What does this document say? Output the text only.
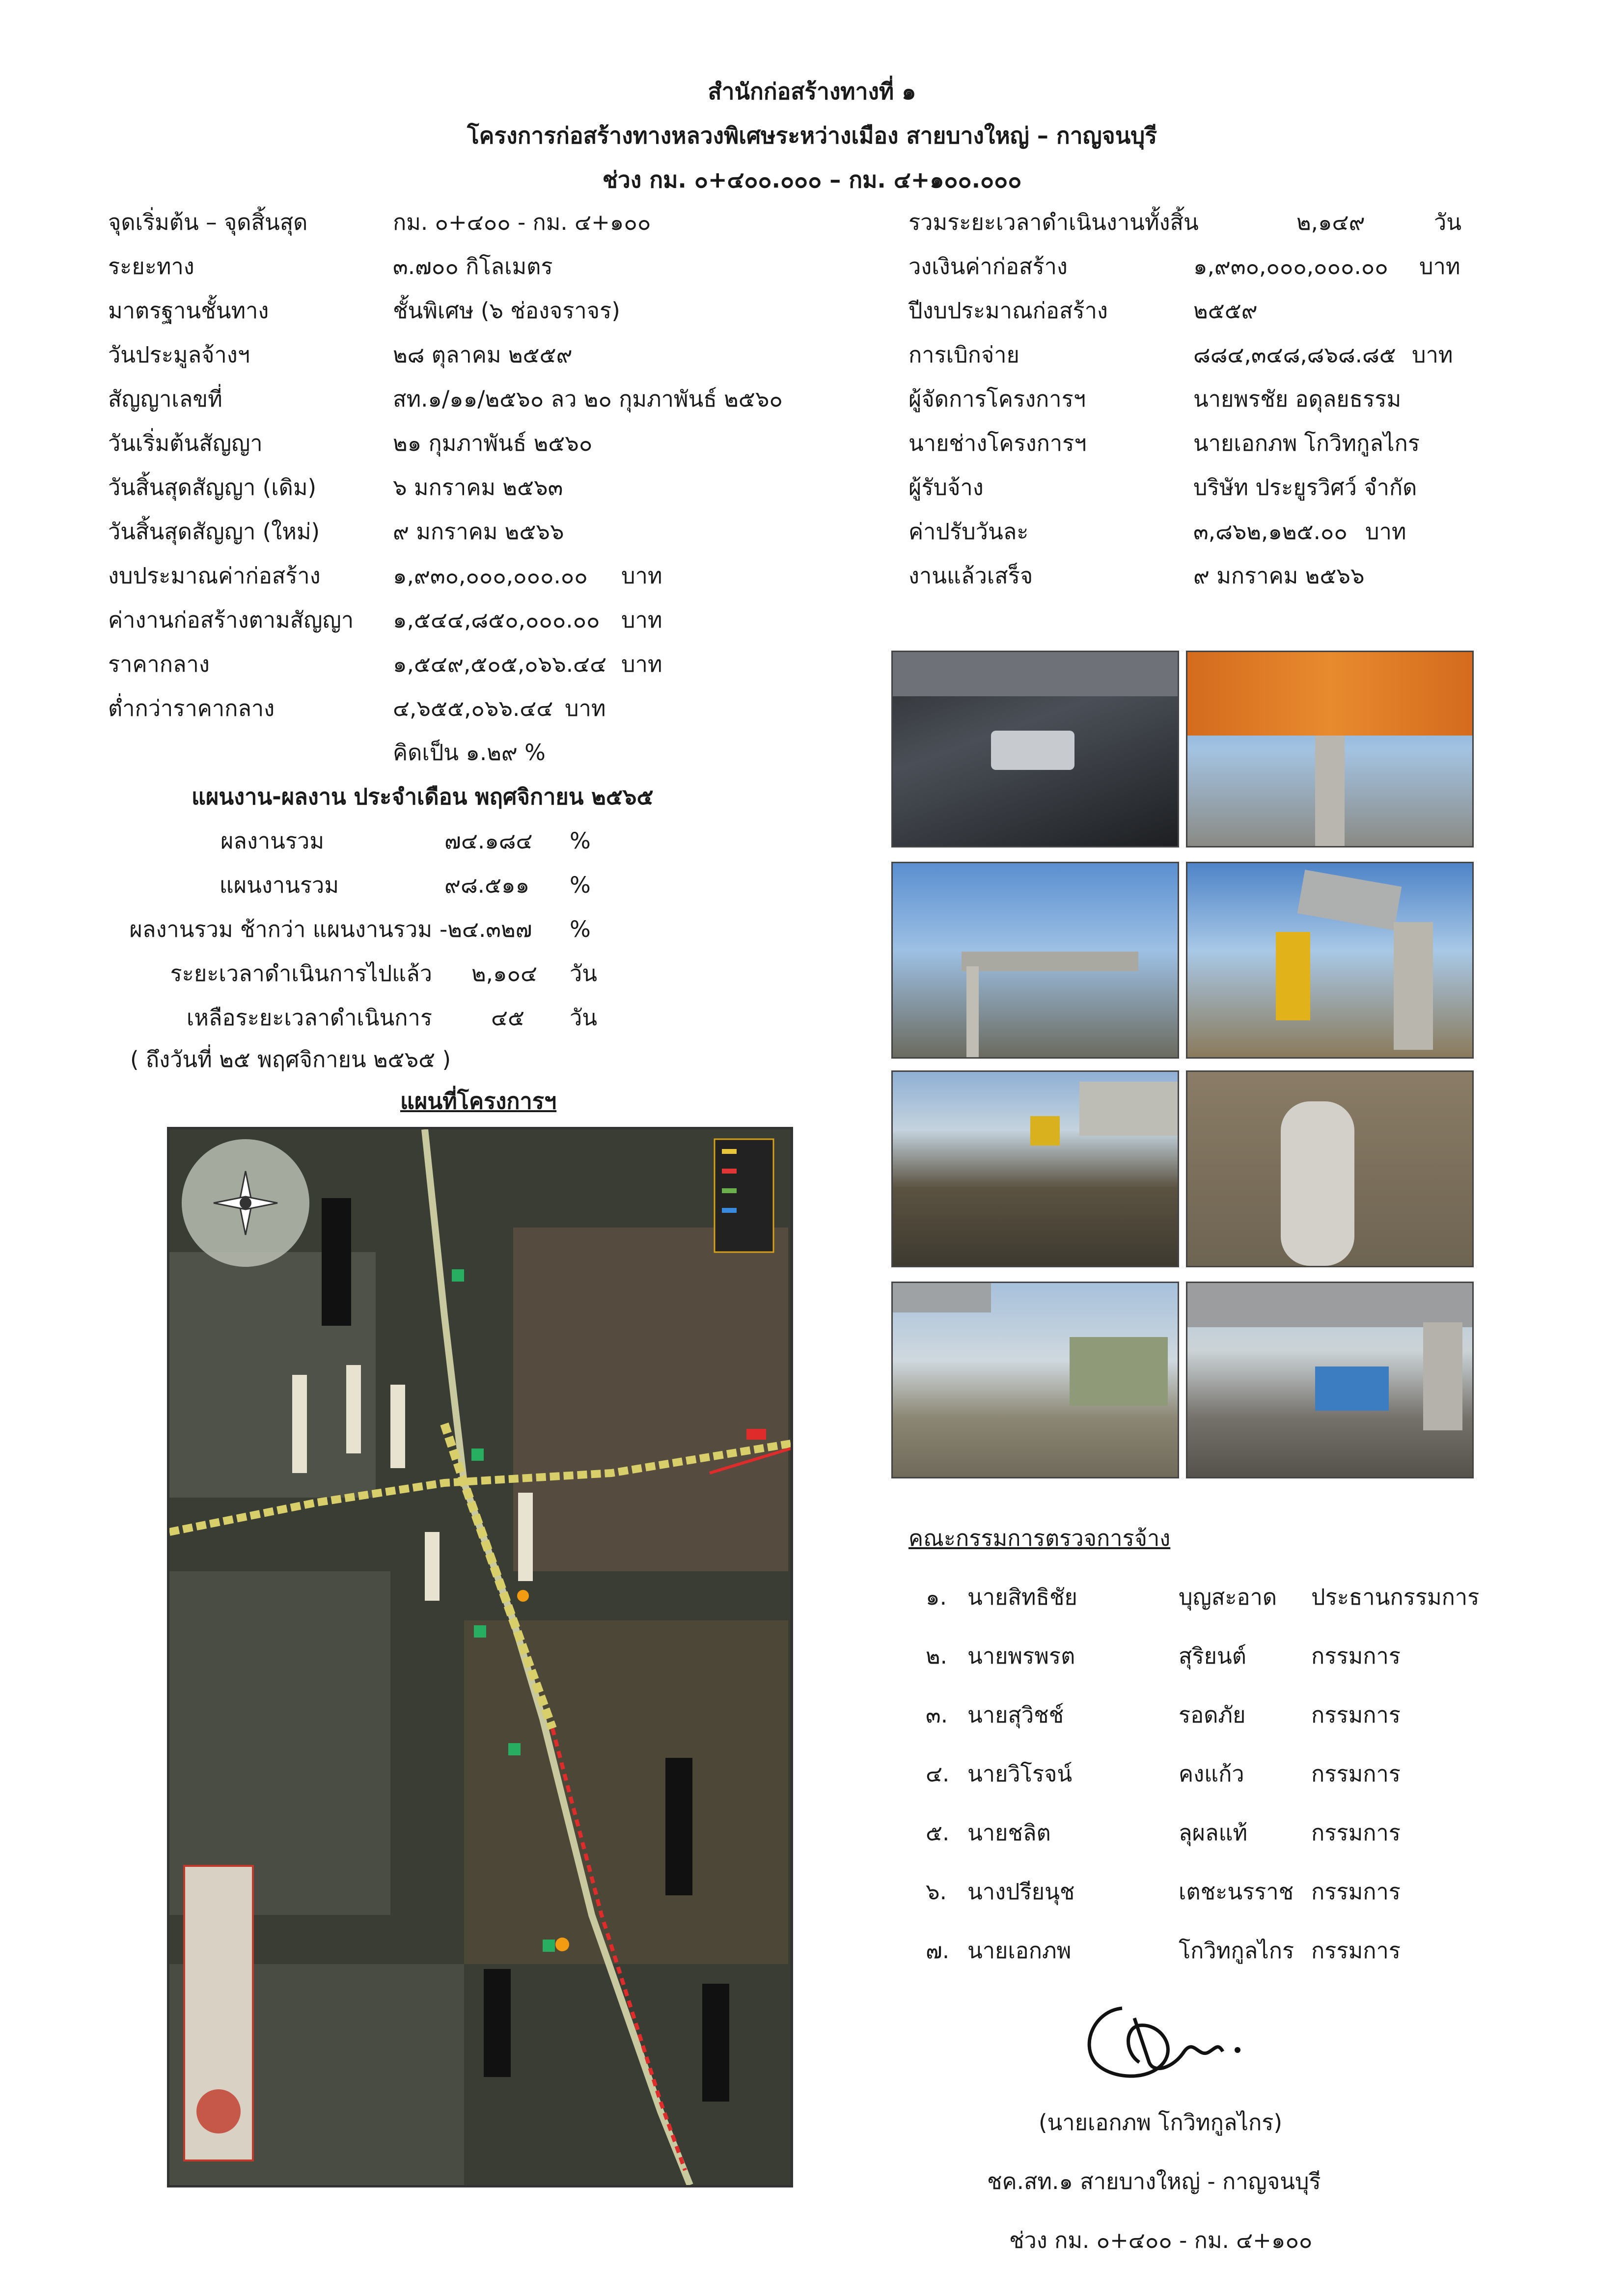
สำนักก่อสร้างทางที่ ๑
โครงการก่อสร้างทางหลวงพิเศษระหว่างเมือง สายบางใหญ่ – กาญจนบุรี
ช่วง กม. ๐+๔๐๐.๐๐๐ – กม. ๔+๑๐๐.๐๐๐
จุดเริ่มต้น – จุดสิ้นสุด	กม. ๐+๔๐๐ - กม. ๔+๑๐๐
ระยะทาง	๓.๗๐๐ กิโลเมตร
มาตรฐานชั้นทาง	ชั้นพิเศษ (๖ ช่องจราจร)
วันประมูลจ้างฯ	๒๘ ตุลาคม ๒๕๕๙
สัญญาเลขที่	สท.๑/๑๑/๒๕๖๐ ลว ๒๐ กุมภาพันธ์ ๒๕๖๐
วันเริ่มต้นสัญญา	๒๑ กุมภาพันธ์ ๒๕๖๐
วันสิ้นสุดสัญญา (เดิม)	๖ มกราคม ๒๕๖๓
วันสิ้นสุดสัญญา (ใหม่)	๙ มกราคม ๒๕๖๖
งบประมาณค่าก่อสร้าง	๑,๙๓๐,๐๐๐,๐๐๐.๐๐ บาท
ค่างานก่อสร้างตามสัญญา ๑,๕๔๔,๘๕๐,๐๐๐.๐๐ บาท
ราคากลาง	๑,๕๔๙,๕๐๕,๐๖๖.๔๔ บาท
ต่ำกว่าราคากลาง	๔,๖๕๕,๐๖๖.๔๔ บาท
คิดเป็น ๑.๒๙ %
รวมระยะเวลาดำเนินงานทั้งสิ้น	๒,๑๔๙	วัน
วงเงินค่าก่อสร้าง	๑,๙๓๐,๐๐๐,๐๐๐.๐๐ บาท
ปีงบประมาณก่อสร้าง	๒๕๕๙
การเบิกจ่าย	๘๘๔,๓๔๘,๘๖๘.๘๕ บาท
ผู้จัดการโครงการฯ	นายพรชัย อดุลยธรรม
นายช่างโครงการฯ	นายเอกภพ โกวิทกูลไกร
ผู้รับจ้าง	บริษัท ประยูรวิศว์ จำกัด
ค่าปรับวันละ	๓,๘๖๒,๑๒๕.๐๐ บาท
งานแล้วเสร็จ	๙ มกราคม ๒๕๖๖
แผนงาน-ผลงาน ประจำเดือน พฤศจิกายน ๒๕๖๕
ผลงานรวม	๗๔.๑๘๔ %
แผนงานรวม	๙๘.๕๑๑ %
ผลงานรวม ช้ากว่า แผนงานรวม -๒๔.๓๒๗ %
ระยะเวลาดำเนินการไปแล้ว ๒,๑๐๔ วัน
เหลือระยะเวลาดำเนินการ	๔๕ วัน
( ถึงวันที่ ๒๕ พฤศจิกายน ๒๕๖๕ )
แผนที่โครงการฯ
คณะกรรมการตรวจการจ้าง
๑. นายสิทธิชัย	บุญสะอาด ประธานกรรมการ
๒. นายพรพรต	สุริยนต์	กรรมการ
๓. นายสุวิชช์	รอดภัย	กรรมการ
๔. นายวิโรจน์	คงแก้ว	กรรมการ
๕. นายชลิต	ลุผลแท้	กรรมการ
๖. นางปรียนุช	เตชะนรราช กรรมการ
๗. นายเอกภพ	โกวิทกูลไกร กรรมการ
(นายเอกภพ โกวิทกูลไกร)
ชค.สท.๑ สายบางใหญ่ - กาญจนบุรี
ช่วง กม. ๐+๔๐๐ - กม. ๔+๑๐๐
